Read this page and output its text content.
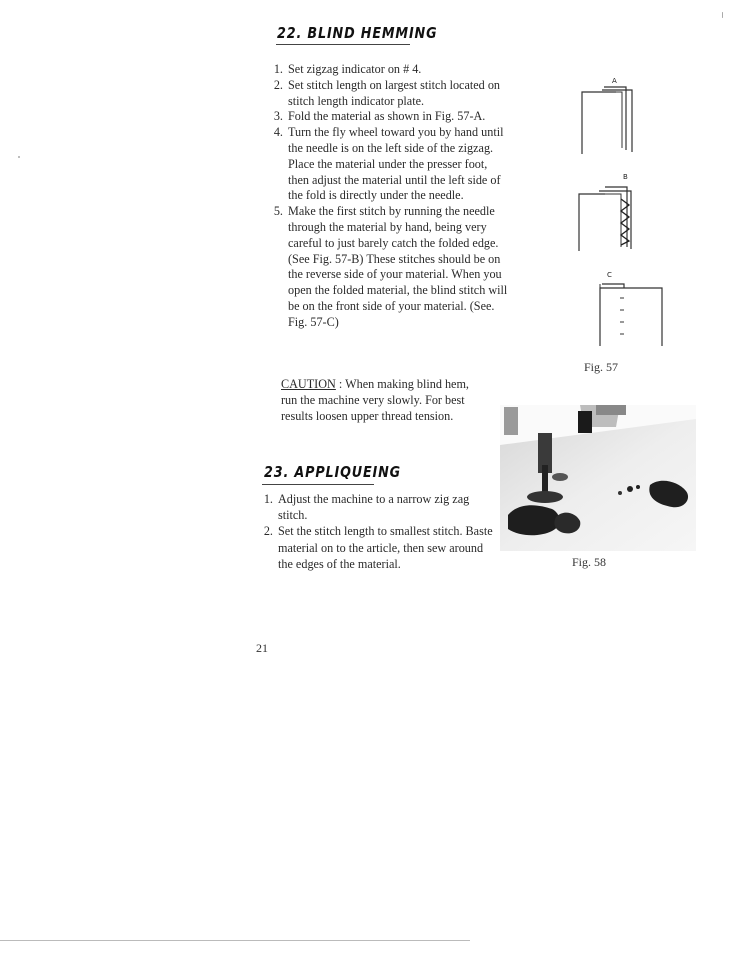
22. BLIND HEMMING
1. Set zigzag indicator on # 4.
2. Set stitch length on largest stitch located on stitch length indicator plate.
3. Fold the material as shown in Fig. 57-A.
4. Turn the fly wheel toward you by hand until the needle is on the left side of the zigzag. Place the material under the presser foot, then adjust the material until the left side of the fold is directly under the needle.
5. Make the first stitch by running the needle through the material by hand, being very careful to just barely catch the folded edge. (See Fig. 57-B) These stitches should be on the reverse side of your material. When you open the folded material, the blind stitch will be on the front side of your material. (See. Fig. 57-C)
CAUTION : When making blind hem, run the machine very slowly. For best results loosen upper thread tension.
A
B
C
Fig. 57
23. APPLIQUEING
1. Adjust the machine to a narrow zig zag stitch.
2. Set the stitch length to smallest stitch. Baste material on to the article, then sew around the edges of the material.	Fig. 58
21
